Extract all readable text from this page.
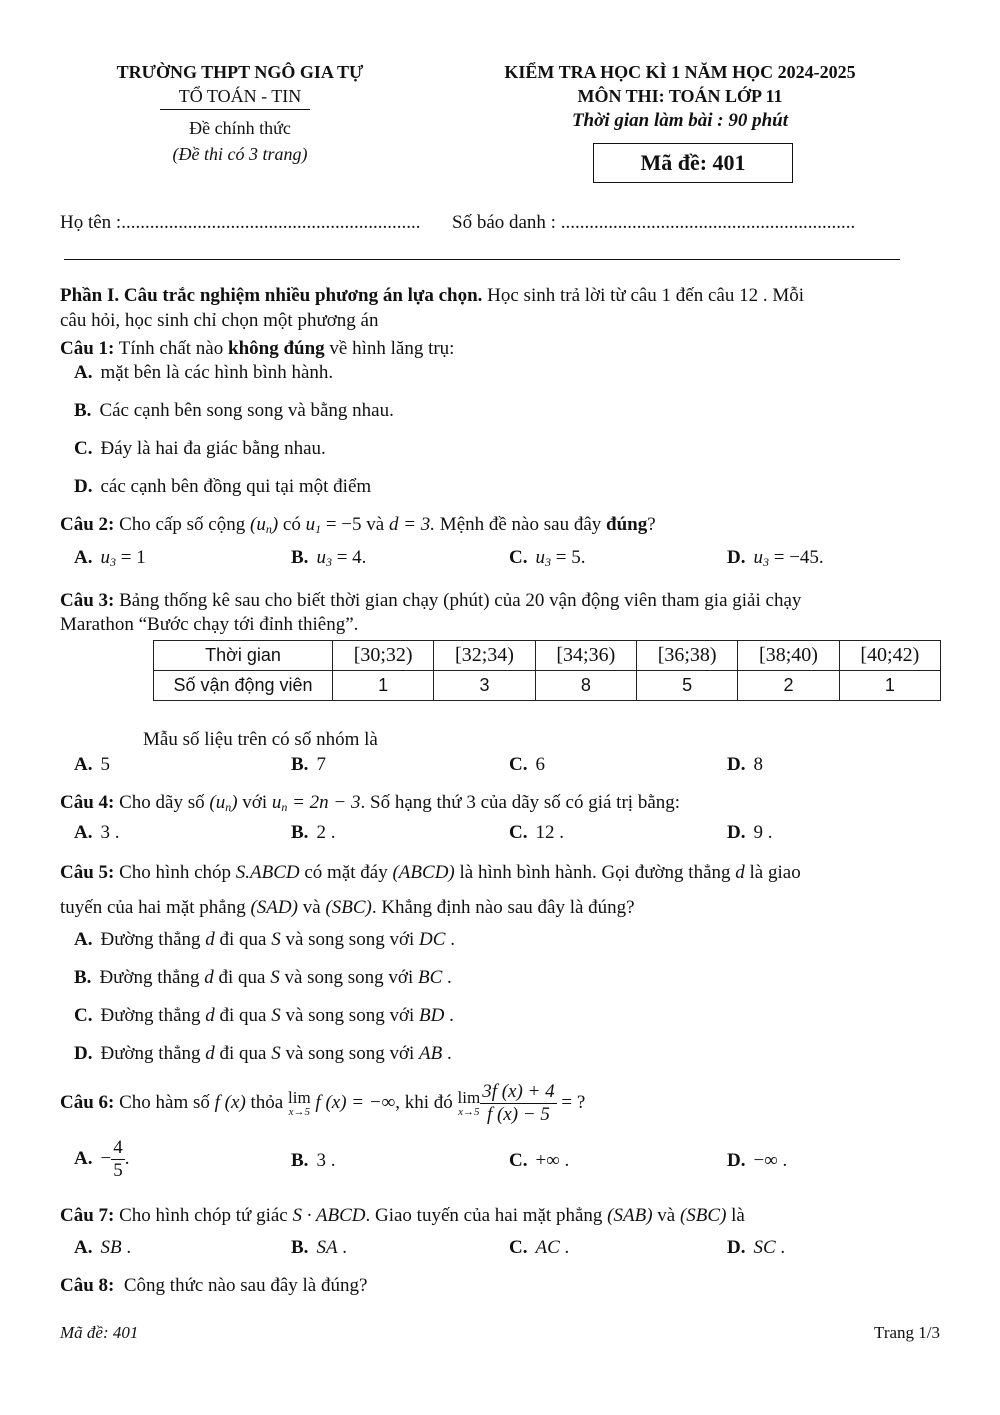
TRƯỜNG THPT NGÔ GIA TỰ
TỔ TOÁN - TIN
Đề chính thức
(Đề thi có 3 trang)
KIỂM TRA HỌC KÌ 1 NĂM HỌC 2024-2025
MÔN THI: TOÁN LỚP 11
Thời gian làm bài : 90 phút
Mã đề: 401
Họ tên :............................................................... Số báo danh : ..............................................................
Phần I. Câu trắc nghiệm nhiều phương án lựa chọn. Học sinh trả lời từ câu 1 đến câu 12 . Mỗi
câu hỏi, học sinh chỉ chọn một phương án
Câu 1: Tính chất nào không đúng về hình lăng trụ:
A. mặt bên là các hình bình hành.
B. Các cạnh bên song song và bằng nhau.
C. Đáy là hai đa giác bằng nhau.
D. các cạnh bên đồng qui tại một điểm
Câu 2: Cho cấp số cộng $(u_n)$ có $u_1 = -5$ và d = 3. Mệnh đề nào sau đây đúng?
A. $u_3 = 1$	B. $u_3 = 4$.	C. $u_3 = 5$.	D. $u_3 = -45$.
Câu 3: Bảng thống kê sau cho biết thời gian chạy (phút) của 20 vận động viên tham gia giải chạy
Marathon “Bước chạy tới đỉnh thiêng”.
Thời gian	[30;32)	[32;34)	[34;36)	[36;38)	[38;40)	[40;42)
Số vận động viên	1	3	8	5	2	1
Mẫu số liệu trên có số nhóm là
A. 5	B. 7	C. 6	D. 8
Câu 4: Cho dãy số $(u_n)$ với $u_n = 2n - 3$. Số hạng thứ 3 của dãy số có giá trị bằng:
A. 3 .	B. 2 .	C. 12 .	D. 9 .
Câu 5: Cho hình chóp S.ABCD có mặt đáy (ABCD) là hình bình hành. Gọi đường thẳng d là giao
tuyến của hai mặt phẳng (SAD) và (SBC). Khẳng định nào sau đây là đúng?
A. Đường thẳng d đi qua S và song song với DC .
B. Đường thẳng d đi qua S và song song với BC .
C. Đường thẳng d đi qua S và song song với BD .
D. Đường thẳng d đi qua S và song song với AB .
Câu 6: Cho hàm số f (x) thỏa lim
x→5 f (x) = −∞ , khi đó lim
$x\to 5 \frac{3f (x) + 4}{f (x) - 5}$ = ?
A. − $\frac{4}{5}$ .	B. 3 .	C. +∞ .	D. −∞ .
Câu 7: Cho hình chóp tứ giác S · ABCD. Giao tuyến của hai mặt phẳng (SAB) và (SBC) là
A. SB .	B. SA .	C. AC .	D. SC .
Câu 8:  Công thức nào sau đây là đúng?
Mã đề: 401	Trang 1/3
